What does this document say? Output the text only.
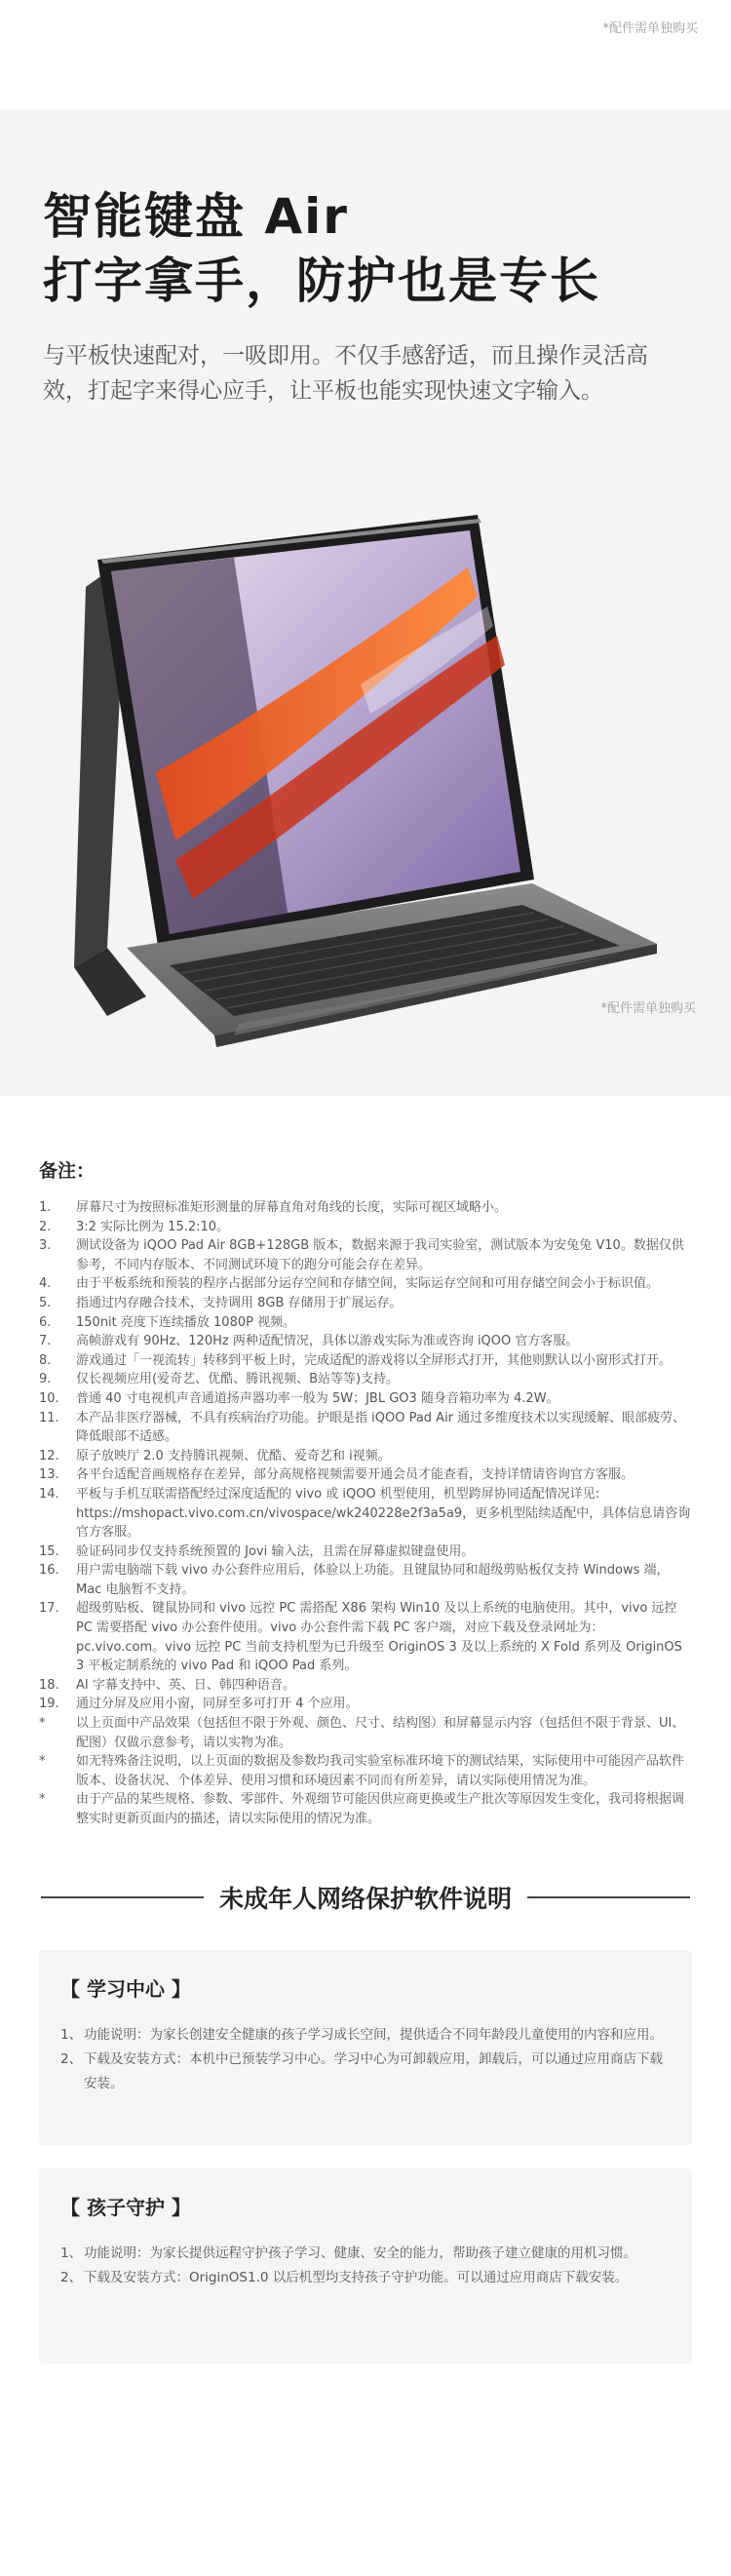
*配件需单独购买
智能键盘 Air
打字拿手，防护也是专长

与平板快速配对，一吸即用。不仅手感舒适，而且操作灵活高效，打起字来得心应手，让平板也能实现快速文字输入。

*配件需单独购买
备注：
1.	屏幕尺寸为按照标准矩形测量的屏幕直角对角线的长度，实际可视区域略小。
2.	3:2 实际比例为 15.2:10。
3.	测试设备为 iQOO Pad Air 8GB+128GB 版本，数据来源于我司实验室，测试版本为安兔兔 V10。数据仅供参考，不同内存版本、不同测试环境下的跑分可能会存在差异。
4.	由于平板系统和预装的程序占据部分运存空间和存储空间，实际运存空间和可用存储空间会小于标识值。
5.	指通过内存融合技术，支持调用 8GB 存储用于扩展运存。
6.	150nit 亮度下连续播放 1080P 视频。
7.	高帧游戏有 90Hz、120Hz 两种适配情况，具体以游戏实际为准或咨询 iQOO 官方客服。
8.	游戏通过「一视流转」转移到平板上时，完成适配的游戏将以全屏形式打开，其他则默认以小窗形式打开。
9.	仅长视频应用(爱奇艺、优酷、腾讯视频、B站等等)支持。
10.	普通 40 寸电视机声音通道扬声器功率一般为 5W；JBL GO3 随身音箱功率为 4.2W。
11.	本产品非医疗器械，不具有疾病治疗功能。护眼是指 iQOO Pad Air 通过多维度技术以实现缓解、眼部疲劳、降低眼部不适感。
12.	原子放映厅 2.0 支持腾讯视频、优酷、爱奇艺和 i视频。
13.	各平台适配音画规格存在差异，部分高规格视频需要开通会员才能查看，支持详情请咨询官方客服。
14.	平板与手机互联需搭配经过深度适配的 vivo 或 iQOO 机型使用，机型跨屏协同适配情况详见: https://mshopact.vivo.com.cn/vivospace/wk240228e2f3a5a9，更多机型陆续适配中，具体信息请咨询官方客服。
15.	验证码同步仅支持系统预置的 Jovi 输入法，且需在屏幕虚拟键盘使用。
16.	用户需电脑端下载 vivo 办公套件应用后，体验以上功能。且键鼠协同和超级剪贴板仅支持 Windows 端，Mac 电脑暂不支持。
17.	超级剪贴板、键鼠协同和 vivo 远控 PC 需搭配 X86 架构 Win10 及以上系统的电脑使用。其中，vivo 远控 PC 需要搭配 vivo 办公套件使用。vivo 办公套件需下载 PC 客户端，对应下载及登录网址为：pc.vivo.com。vivo 远控 PC 当前支持机型为已升级至 OriginOS 3 及以上系统的 X Fold 系列及 OriginOS 3 平板定制系统的 vivo Pad 和 iQOO Pad 系列。
18.	AI 字幕支持中、英、日、韩四种语音。
19.	通过分屏及应用小窗，同屏至多可打开 4 个应用。
*	以上页面中产品效果（包括但不限于外观、颜色、尺寸、结构图）和屏幕显示内容（包括但不限于背景、UI、配图）仅做示意参考，请以实物为准。
*	如无特殊备注说明，以上页面的数据及参数均我司实验室标准环境下的测试结果，实际使用中可能因产品软件版本、设备状况、个体差异、使用习惯和环境因素不同而有所差异，请以实际使用情况为准。
*	由于产品的某些规格、参数、零部件、外观细节可能因供应商更换或生产批次等原因发生变化，我司将根据调整实时更新页面内的描述，请以实际使用的情况为准。
未成年人网络保护软件说明
【 学习中心 】
1、 功能说明：为家长创建安全健康的孩子学习成长空间，提供适合不同年龄段儿童使用的内容和应用。
2、 下载及安装方式：本机中已预装学习中心。学习中心为可卸载应用，卸载后，可以通过应用商店下载安装。
【 孩子守护 】
1、 功能说明：为家长提供远程守护孩子学习、健康、安全的能力，帮助孩子建立健康的用机习惯。
2、 下载及安装方式：OriginOS1.0 以后机型均支持孩子守护功能。可以通过应用商店下载安装。
